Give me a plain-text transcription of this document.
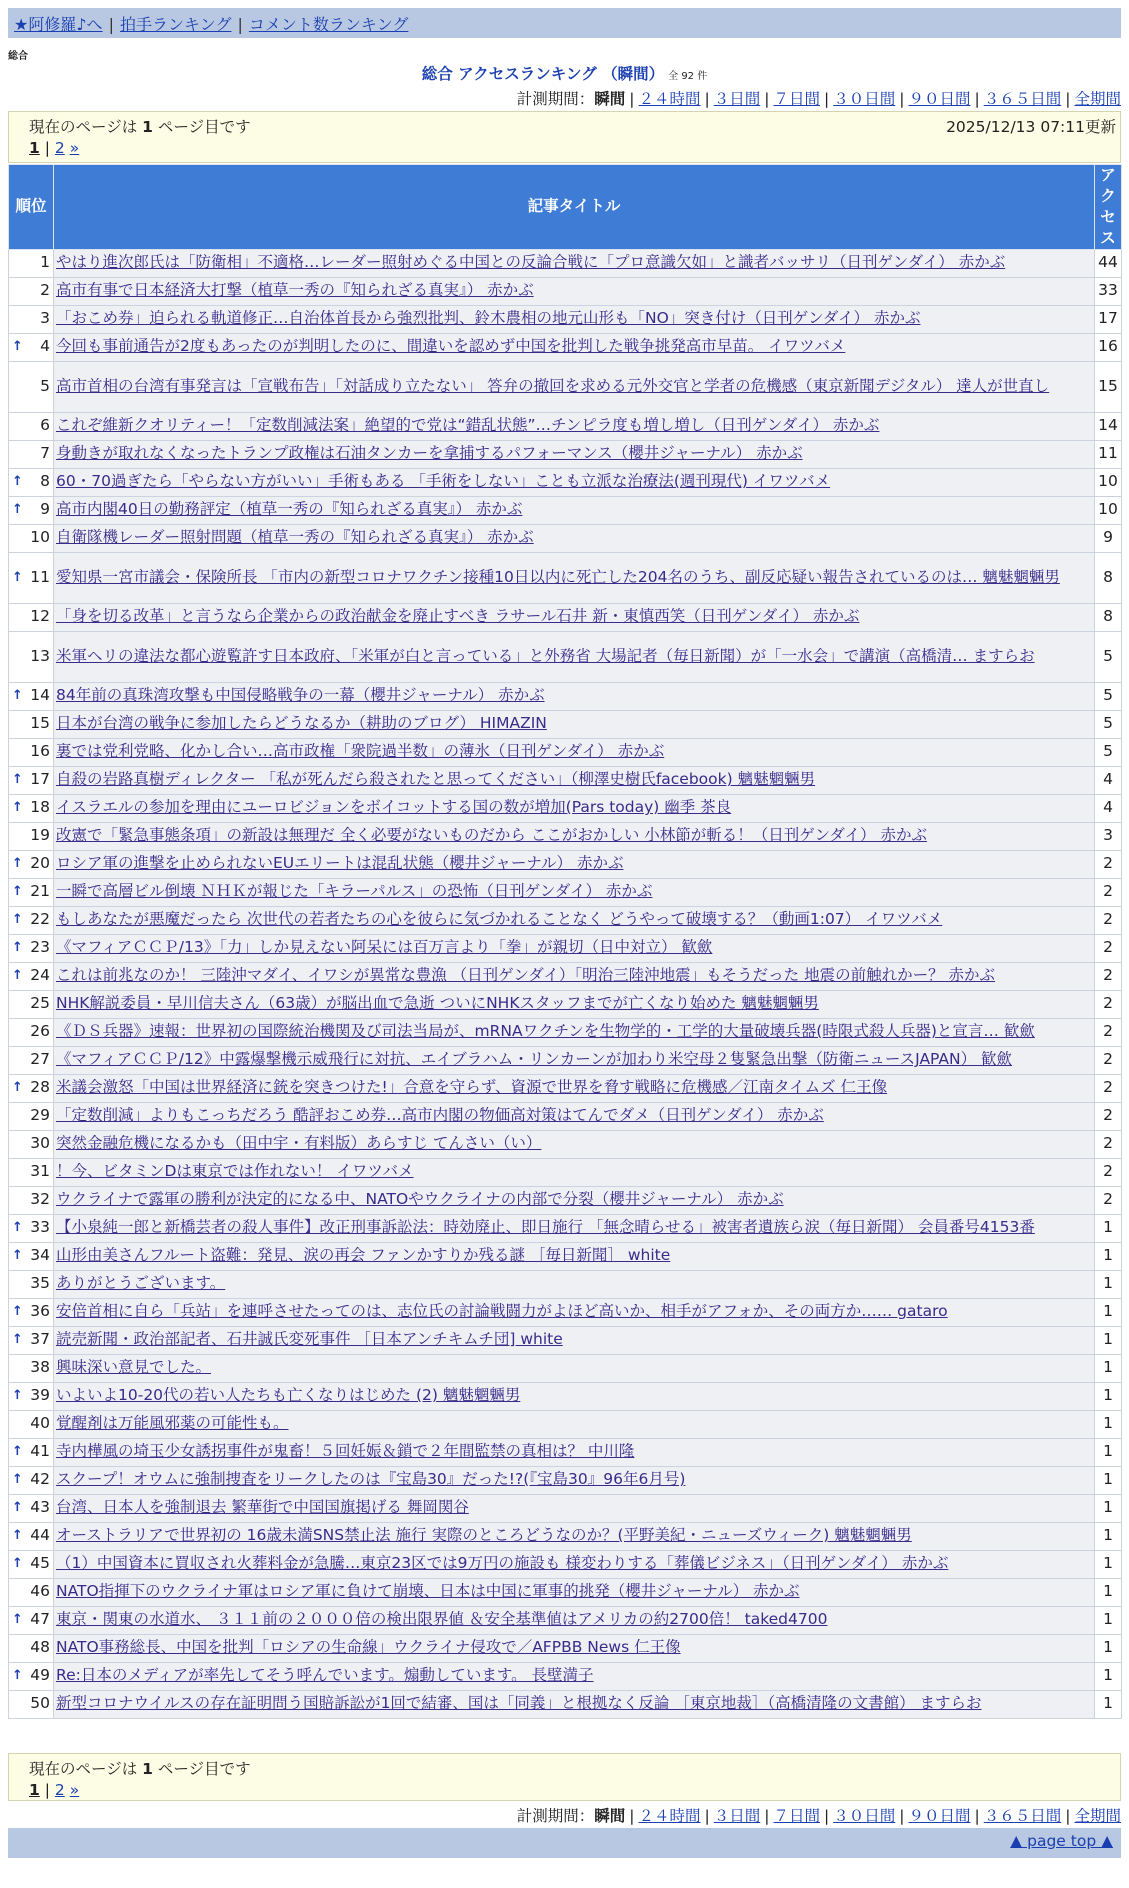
★阿修羅♪へ | 拍手ランキング | コメント数ランキング
総合
総合 アクセスランキング （瞬間） 全 92 件
計測期間：瞬間 | ２４時間 | ３日間 | ７日間 | ３０日間 | ９０日間 | ３６５日間 | 全期間
現在のページは 1 ページ目です	2025/12/13 07:11更新
1 | 2 »
順位	記事タイトル	アクセス
1	やはり進次郎氏は「防衛相」不適格…レーダー照射めぐる中国との反論合戦に「プロ意識欠如」と識者バッサリ（日刊ゲンダイ） 赤かぶ	44
2	高市有事で日本経済大打撃（植草一秀の『知られざる真実』） 赤かぶ	33
3	「おこめ券」迫られる軌道修正…自治体首長から強烈批判、鈴木農相の地元山形も「NO」突き付け（日刊ゲンダイ） 赤かぶ	17

↑ 4	今回も事前通告が2度もあったのが判明したのに、間違いを認めず中国を批判した戦争挑発高市早苗。 イワツバメ	16
5	高市首相の台湾有事発言は「宣戦布告」「対話成り立たない」 答弁の撤回を求める元外交官と学者の危機感（東京新聞デジタル） 達人が世直し	15
6	これぞ維新クオリティー！「定数削減法案」絶望的で党は“錯乱状態”…チンピラ度も増し増し（日刊ゲンダイ） 赤かぶ	14
7	身動きが取れなくなったトランプ政権は石油タンカーを拿捕するパフォーマンス（櫻井ジャーナル） 赤かぶ	11

↑ 8	60・70過ぎたら「やらない方がいい」手術もある 「手術をしない」ことも立派な治療法(週刊現代) イワツバメ	10

↑ 9	高市内閣40日の勤務評定（植草一秀の『知られざる真実』） 赤かぶ	10
10	自衛隊機レーダー照射問題（植草一秀の『知られざる真実』） 赤かぶ	9

↑ 11	愛知県一宮市議会・保険所長 「市内の新型コロナワクチン接種10日以内に死亡した204名のうち、副反応疑い報告されているのは… 魑魅魍魎男	8
12	「身を切る改革」と言うなら企業からの政治献金を廃止すべき ラサール石井 新・東慎西笑（日刊ゲンダイ） 赤かぶ	8
13	米軍ヘリの違法な都心遊覧許す日本政府、「米軍が白と言っている」と外務省 大場記者（毎日新聞）が「一水会」で講演（高橋清… ますらお	5

↑ 14	84年前の真珠湾攻撃も中国侵略戦争の一幕（櫻井ジャーナル） 赤かぶ	5
15	日本が台湾の戦争に参加したらどうなるか（耕助のブログ） HIMAZIN	5
16	裏では党利党略、化かし合い…高市政権「衆院過半数」の薄氷（日刊ゲンダイ） 赤かぶ	5

↑ 17	自殺の岩路真樹ディレクター 「私が死んだら殺されたと思ってください」（柳澤史樹氏facebook) 魑魅魍魎男	4

↑ 18	イスラエルの参加を理由にユーロビジョンをボイコットする国の数が増加(Pars today) 幽季 茶良	4
19	改憲で「緊急事態条項」の新設は無理だ 全く必要がないものだから ここがおかしい 小林節が斬る！（日刊ゲンダイ） 赤かぶ	3

↑ 20	ロシア軍の進撃を止められないEUエリートは混乱状態（櫻井ジャーナル） 赤かぶ	2

↑ 21	一瞬で高層ビル倒壊 ＮＨＫが報じた「キラーパルス」の恐怖（日刊ゲンダイ） 赤かぶ	2

↑ 22	もしあなたが悪魔だったら 次世代の若者たちの心を彼らに気づかれることなく どうやって破壊する？（動画1:07） イワツバメ	2

↑ 23	《マフィアＣＣＰ/13》「力」しか見えない阿呆には百万言より「拳」が親切（日中対立） 歓歛	2

↑ 24	これは前兆なのか！ 三陸沖マダイ、イワシが異常な豊漁 （日刊ゲンダイ）「明治三陸沖地震」もそうだった 地震の前触れかー？ 赤かぶ	2
25	NHK解説委員・早川信夫さん（63歳）が脳出血で急逝 ついにNHKスタッフまでが亡くなり始めた 魑魅魍魎男	2
26	《ＤＳ兵器》速報：世界初の国際統治機関及び司法当局が、mRNAワクチンを生物学的・工学的大量破壊兵器(時限式殺人兵器)と宣言… 歓歛	2
27	《マフィアＣＣＰ/12》中露爆撃機示威飛行に対抗、エイブラハム・リンカーンが加わり米空母２隻緊急出撃（防衛ニュースJAPAN） 歓歛	2

↑ 28	米議会激怒「中国は世界経済に銃を突きつけた!」合意を守らず、資源で世界を脅す戦略に危機感／江南タイムズ 仁王像	2
29	「定数削減」よりもこっちだろう 酷評おこめ券…高市内閣の物価高対策はてんでダメ（日刊ゲンダイ） 赤かぶ	2
30	突然金融危機になるかも（田中宇・有料版）あらすじ てんさい（い）	2
31	！今、ビタミンDは東京では作れない！ イワツバメ	2
32	ウクライナで露軍の勝利が決定的になる中、NATOやウクライナの内部で分裂（櫻井ジャーナル） 赤かぶ	2

↑ 33	【小泉純一郎と新橋芸者の殺人事件】改正刑事訴訟法：時効廃止、即日施行 「無念晴らせる」被害者遺族ら涙（毎日新聞） 会員番号4153番	1

↑ 34	山形由美さんフルート盗難：発見、涙の再会 ファンかすりか残る謎 ［毎日新聞］ white	1
35	ありがとうございます。	1

↑ 36	安倍首相に自ら「兵站」を連呼させたってのは、志位氏の討論戦闘力がよほど高いか、相手がアフォか、その両方か…… gataro	1

↑ 37	読売新聞・政治部記者、石井誠氏変死事件 ［日本アンチキムチ団] white	1
38	興味深い意見でした。	1

↑ 39	いよいよ10-20代の若い人たちも亡くなりはじめた (2) 魑魅魍魎男	1
40	覚醒剤は万能風邪薬の可能性も。	1

↑ 41	寺内樺風の埼玉少女誘拐事件が鬼畜！５回妊娠＆鎖で２年間監禁の真相は？ 中川隆	1

↑ 42	スクープ！オウムに強制捜査をリークしたのは『宝島30』だった!?(『宝島30』96年6月号)	1

↑ 43	台湾、日本人を強制退去 繁華街で中国国旗掲げる 舞岡関谷	1

↑ 44	オーストラリアで世界初の 16歳未満SNS禁止法 施行 実際のところどうなのか？(平野美紀・ニューズウィーク) 魑魅魍魎男	1

↑ 45	（1）中国資本に買収され火葬料金が急騰…東京23区では9万円の施設も 様変わりする「葬儀ビジネス」（日刊ゲンダイ） 赤かぶ	1
46	NATO指揮下のウクライナ軍はロシア軍に負けて崩壊、日本は中国に軍事的挑発（櫻井ジャーナル） 赤かぶ	1

↑ 47	東京・関東の水道水、 ３１１前の２０００倍の検出限界値 ＆安全基準値はアメリカの約2700倍！ taked4700	1
48	NATO事務総長、中国を批判「ロシアの生命線」ウクライナ侵攻で／AFPBB News 仁王像	1

↑ 49	Re:日本のメディアが率先してそう呼んでいます。煽動しています。 長壁満子	1
50	新型コロナウイルスの存在証明問う国賠訴訟が1回で結審、国は「同義」と根拠なく反論 ［東京地裁］（高橋清隆の文書館） ますらお	1
現在のページは 1 ページ目です
1 | 2 »
計測期間：瞬間 | ２４時間 | ３日間 | ７日間 | ３０日間 | ９０日間 | ３６５日間 | 全期間
▲ page top ▲
